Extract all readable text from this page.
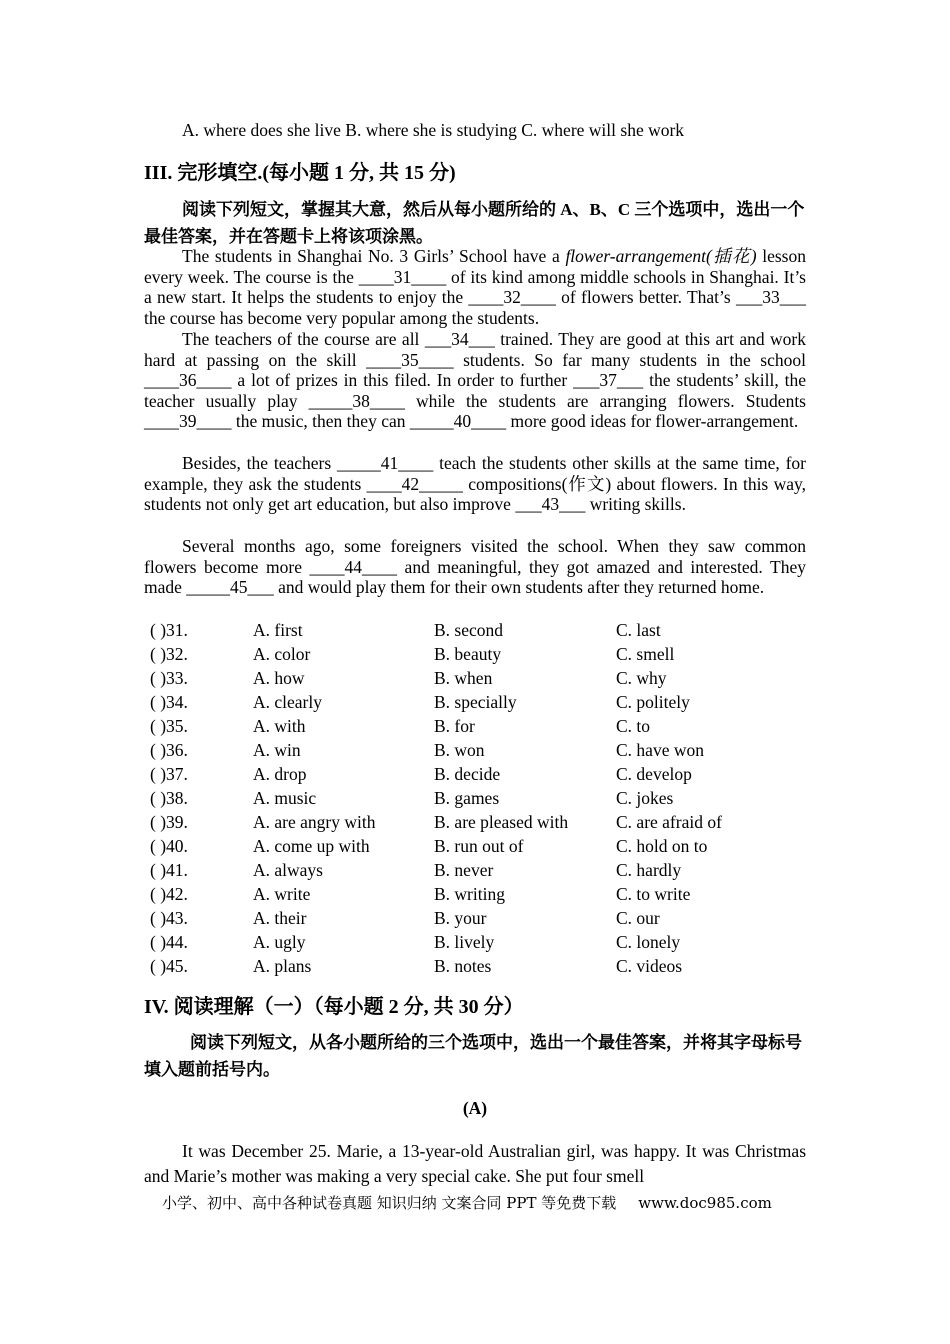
A. where does she live B. where she is studying C. where will she work
III. 完形填空.(每小题 1 分, 共 15 分)
阅读下列短文，掌握其大意，然后从每小题所给的 A、B、C 三个选项中，选出一个最佳答案，并在答题卡上将该项涂黑。

The students in Shanghai No. 3 Girls’ School have a flower-arrangement(插花) lesson every week. The course is the ____31____ of its kind among middle schools in Shanghai. It’s a new start. It helps the students to enjoy the ____32____ of flowers better. That’s ___33___ the course has become very popular among the students.

The teachers of the course are all ___34___ trained. They are good at this art and work hard at passing on the skill ____35____ students. So far many students in the school ____36____ a lot of prizes in this filed. In order to further ___37___ the students’ skill, the teacher usually play _____38____ while the students are arranging flowers. Students ____39____ the music, then they can _____40____ more good ideas for flower-arrangement.

Besides, the teachers _____41____ teach the students other skills at the same time, for example, they ask the students ____42_____ compositions(作文) about flowers. In this way, students not only get art education, but also improve ___43___ writing skills.

Several months ago, some foreigners visited the school. When they saw common flowers become more ____44____ and meaningful, they got amazed and interested. They made _____45___ and would play them for their own students after they returned home.

( )31.	A. first	B. second	C. last
( )32.	A. color	B. beauty	C. smell
( )33.	A. how	B. when	C. why
( )34.	A. clearly	B. specially	C. politely
( )35.	A. with	B. for	C. to
( )36.	A. win	B. won	C. have won
( )37.	A. drop	B. decide	C. develop
( )38.	A. music	B. games	C. jokes
( )39.	A. are angry with	B. are pleased with	C. are afraid of
( )40.	A. come up with	B. run out of	C. hold on to
( )41.	A. always	B. never	C. hardly
( )42.	A. write	B. writing	C. to write
( )43.	A. their	B. your	C. our
( )44.	A. ugly	B. lively	C. lonely
( )45.	A. plans	B. notes	C. videos
IV. 阅读理解（一）（每小题 2 分, 共 30 分）
阅读下列短文，从各小题所给的三个选项中，选出一个最佳答案，并将其字母标号填入题前括号内。
(A)

It was December 25. Marie, a 13-year-old Australian girl, was happy. It was Christmas and Marie’s mother was making a very special cake. She put four smell

小学、初中、高中各种试卷真题 知识归纳 文案合同 PPT 等免费下载 www.doc985.com
